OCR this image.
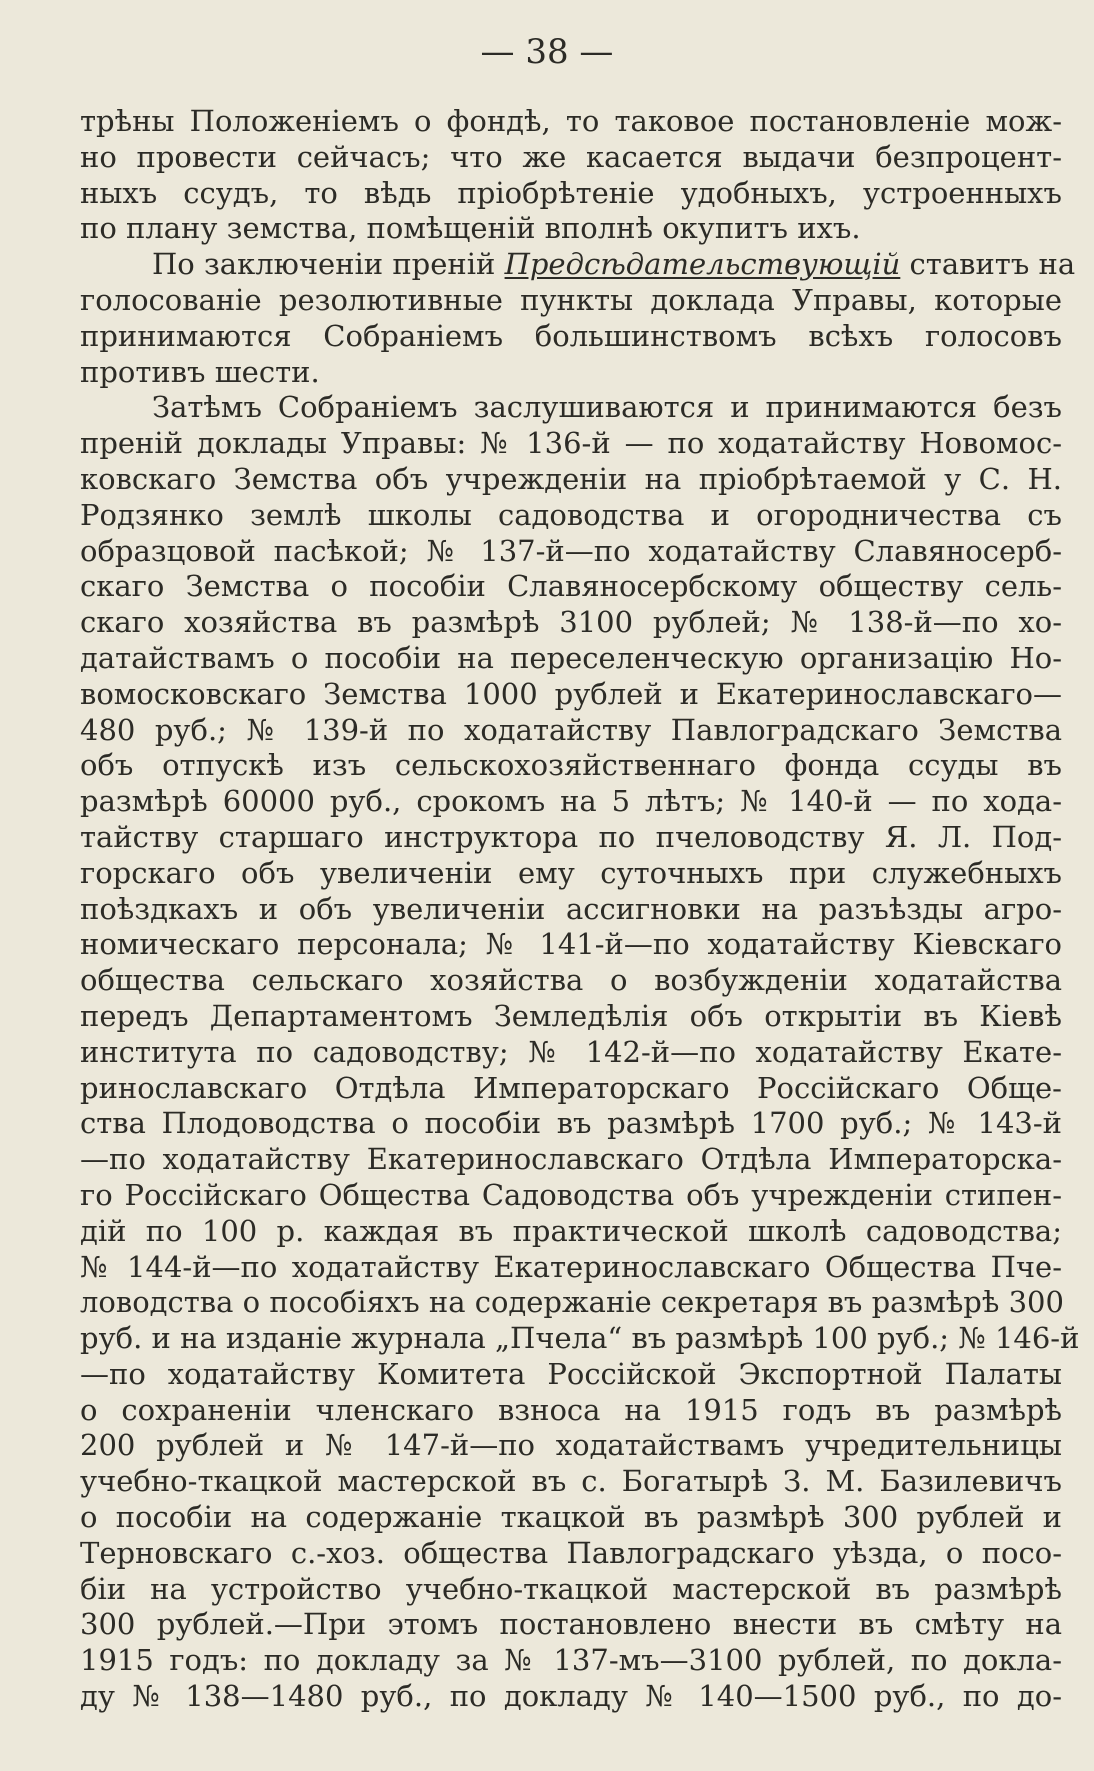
— 38 —
трѣны Положеніемъ о фондѣ, то таковое постановленіе мож-
но провести сейчасъ; что же касается выдачи безпроцент-
ныхъ ссудъ, то вѣдь пріобрѣтеніе удобныхъ, устроенныхъ
по плану земства, помѣщеній вполнѣ окупитъ ихъ.
По заключеніи преній Предсѣдательствующій ставитъ на
голосованіе резолютивные пункты доклада Управы, которые
принимаются Собраніемъ большинствомъ всѣхъ голосовъ
противъ шести.
Затѣмъ Собраніемъ заслушиваются и принимаются безъ
преній доклады Управы: № 136-й — по ходатайству Новомос-
ковскаго Земства объ учрежденіи на пріобрѣтаемой у С. Н.
Родзянко землѣ школы садоводства и огородничества съ
образцовой пасѣкой; № 137-й—по ходатайству Славяносерб-
скаго Земства о пособіи Славяносербскому обществу сель-
скаго хозяйства въ размѣрѣ 3100 рублей; № 138-й—по хо-
датайствамъ о пособіи на переселенческую организацію Но-
вомосковскаго Земства 1000 рублей и Екатеринославскаго—
480 руб.; № 139-й по ходатайству Павлоградскаго Земства
объ отпускѣ изъ сельскохозяйственнаго фонда ссуды въ
размѣрѣ 60000 руб., срокомъ на 5 лѣтъ; № 140-й — по хода-
тайству старшаго инструктора по пчеловодству Я. Л. Под-
горскаго объ увеличеніи ему суточныхъ при служебныхъ
поѣздкахъ и объ увеличеніи ассигновки на разъѣзды агро-
номическаго персонала; № 141-й—по ходатайству Кіевскаго
общества сельскаго хозяйства о возбужденіи ходатайства
передъ Департаментомъ Земледѣлія объ открытіи въ Кіевѣ
института по садоводству; № 142-й—по ходатайству Екате-
ринославскаго Отдѣла Императорскаго Россійскаго Обще-
ства Плодоводства о пособіи въ размѣрѣ 1700 руб.; № 143-й
—по ходатайству Екатеринославскаго Отдѣла Императорска-
го Россійскаго Общества Садоводства объ учрежденіи стипен-
дій по 100 р. каждая въ практической школѣ садоводства;
№ 144-й—по ходатайству Екатеринославскаго Общества Пче-
ловодства о пособіяхъ на содержаніе секретаря въ размѣрѣ 300
руб. и на изданіе журнала „Пчела“ въ размѣрѣ 100 руб.; № 146-й
—по ходатайству Комитета Россійской Экспортной Палаты
о сохраненіи членскаго взноса на 1915 годъ въ размѣрѣ
200 рублей и № 147-й—по ходатайствамъ учредительницы
учебно-ткацкой мастерской въ с. Богатырѣ З. М. Базилевичъ
о пособіи на содержаніе ткацкой въ размѣрѣ 300 рублей и
Терновскаго с.-хоз. общества Павлоградскаго уѣзда, о посо-
біи на устройство учебно-ткацкой мастерской въ размѣрѣ
300 рублей.—При этомъ постановлено внести въ смѣту на
1915 годъ: по докладу за № 137-мъ—3100 рублей, по докла-
ду № 138—1480 руб., по докладу № 140—1500 руб., по до-
